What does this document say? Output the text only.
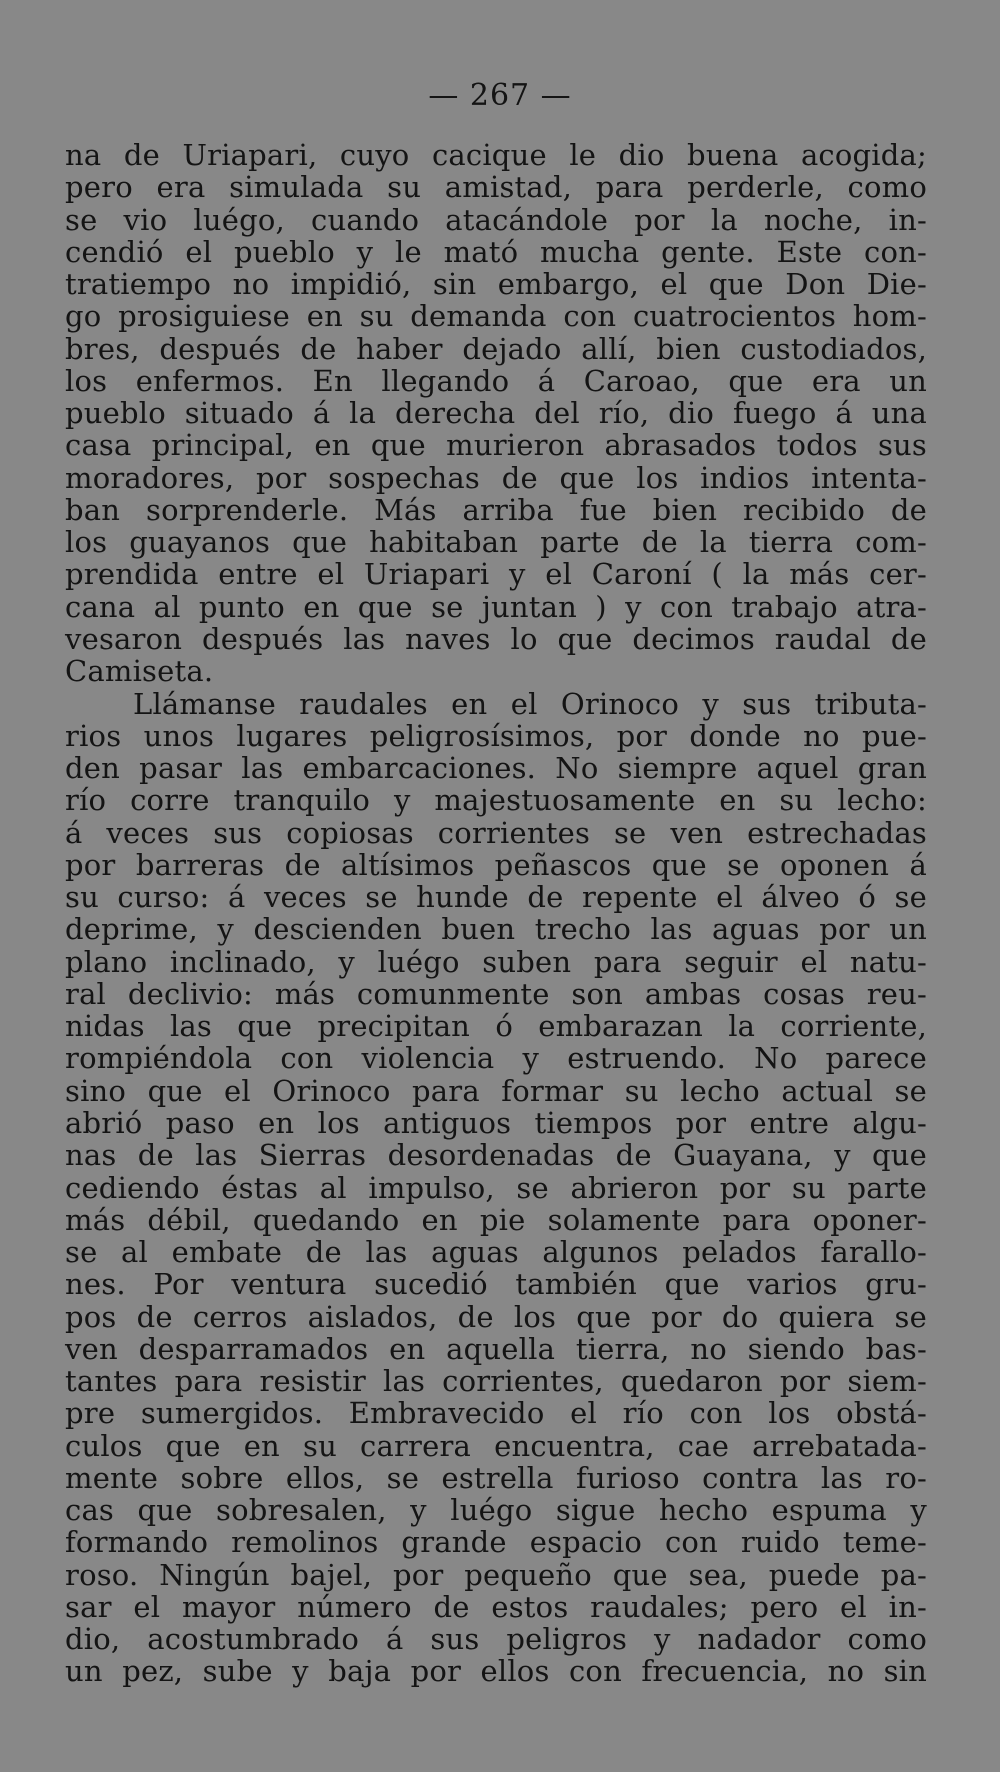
— 267 —
na de Uriapari, cuyo cacique le dio buena acogida;
pero era simulada su amistad, para perderle, como
se vio luégo, cuando atacándole por la noche, in-
cendió el pueblo y le mató mucha gente. Este con-
tratiempo no impidió, sin embargo, el que Don Die-
go prosiguiese en su demanda con cuatrocientos hom-
bres, después de haber dejado allí, bien custodiados,
los enfermos. En llegando á Caroao, que era un
pueblo situado á la derecha del río, dio fuego á una
casa principal, en que murieron abrasados todos sus
moradores, por sospechas de que los indios intenta-
ban sorprenderle. Más arriba fue bien recibido de
los guayanos que habitaban parte de la tierra com-
prendida entre el Uriapari y el Caroní ( la más cer-
cana al punto en que se juntan ) y con trabajo atra-
vesaron después las naves lo que decimos raudal de
Camiseta.
Llámanse raudales en el Orinoco y sus tributa-
rios unos lugares peligrosísimos, por donde no pue-
den pasar las embarcaciones. No siempre aquel gran
río corre tranquilo y majestuosamente en su lecho:
á veces sus copiosas corrientes se ven estrechadas
por barreras de altísimos peñascos que se oponen á
su curso: á veces se hunde de repente el álveo ó se
deprime, y descienden buen trecho las aguas por un
plano inclinado, y luégo suben para seguir el natu-
ral declivio: más comunmente son ambas cosas reu-
nidas las que precipitan ó embarazan la corriente,
rompiéndola con violencia y estruendo. No parece
sino que el Orinoco para formar su lecho actual se
abrió paso en los antiguos tiempos por entre algu-
nas de las Sierras desordenadas de Guayana, y que
cediendo éstas al impulso, se abrieron por su parte
más débil, quedando en pie solamente para oponer-
se al embate de las aguas algunos pelados farallo-
nes. Por ventura sucedió también que varios gru-
pos de cerros aislados, de los que por do quiera se
ven desparramados en aquella tierra, no siendo bas-
tantes para resistir las corrientes, quedaron por siem-
pre sumergidos. Embravecido el río con los obstá-
culos que en su carrera encuentra, cae arrebatada-
mente sobre ellos, se estrella furioso contra las ro-
cas que sobresalen, y luégo sigue hecho espuma y
formando remolinos grande espacio con ruido teme-
roso. Ningún bajel, por pequeño que sea, puede pa-
sar el mayor número de estos raudales; pero el in-
dio, acostumbrado á sus peligros y nadador como
un pez, sube y baja por ellos con frecuencia, no sin
